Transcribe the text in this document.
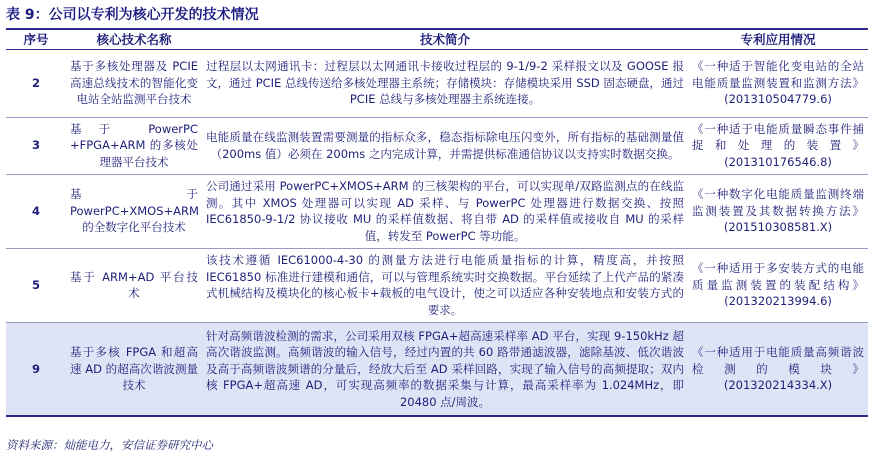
表 9：公司以专利为核心开发的技术情况
序号	核心技术名称	技术简介	专利应用情况
2	基于多核处理器及 PCIE 高速总线技术的智能化变电站全站监测平台技术	过程层以太网通讯卡：过程层以太网通讯卡接收过程层的 9-1/9-2 采样报文以及 GOOSE 报文，通过 PCIE 总线传送给多核处理器主系统；存储模块：存储模块采用 SSD 固态硬盘，通过 PCIE 总线与多核处理器主系统连接。	《一种适于智能化变电站的全站电能质量监测装置和监测方法》(201310504779.6)
3	基于 PowerPC +FPGA+ARM 的多核处理器平台技术	电能质量在线监测装置需要测量的指标众多，稳态指标除电压闪变外，所有指标的基础测量值（200ms 值）必须在 200ms 之内完成计算，并需提供标准通信协议以支持实时数据交换。	《一种适于电能质量瞬态事件捕捉和处理的装置》(201310176546.8)
4	基于 PowerPC+XMOS+ARM 的全数字化平台技术	公司通过采用 PowerPC+XMOS+ARM 的三核架构的平台，可以实现单/双路监测点的在线监测。其中 XMOS 处理器可以实现 AD 采样、与 PowerPC 处理器进行数据交换、按照 IEC61850-9-1/2 协议接收 MU 的采样值数据、将自带 AD 的采样值或接收自 MU 的采样值，转发至 PowerPC 等功能。	《一种数字化电能质量监测终端监测装置及其数据转换方法》(201510308581.X)
5	基于 ARM+AD 平台技术	该技术遵循 IEC61000-4-30 的测量方法进行电能质量指标的计算，精度高，并按照 IEC61850 标准进行建模和通信，可以与管理系统实时交换数据。平台延续了上代产品的紧凑式机械结构及模块化的核心板卡+载板的电气设计，使之可以适应各种安装地点和安装方式的要求。	《一种适用于多安装方式的电能质量监测装置的装配结构》(201320213994.6)
9	基于多核 FPGA 和超高速 AD 的超高次谐波测量技术	针对高频谐波检测的需求，公司采用双核 FPGA+超高速采样率 AD 平台，实现 9-150kHz 超高次谐波监测。高频谐波的输入信号，经过内置的共 60 路带通滤波器，滤除基波、低次谐波及高于高频谐波频谱的分量后，经放大后至 AD 采样回路，实现了输入信号的高频提取；双内核 FPGA+超高速 AD，可实现高频率的数据采集与计算，最高采样率为 1.024MHz，即 20480 点/周波。	《一种适用于电能质量高频谐波检测的模块》(201320214334.X)
资料来源：灿能电力，安信证券研究中心
